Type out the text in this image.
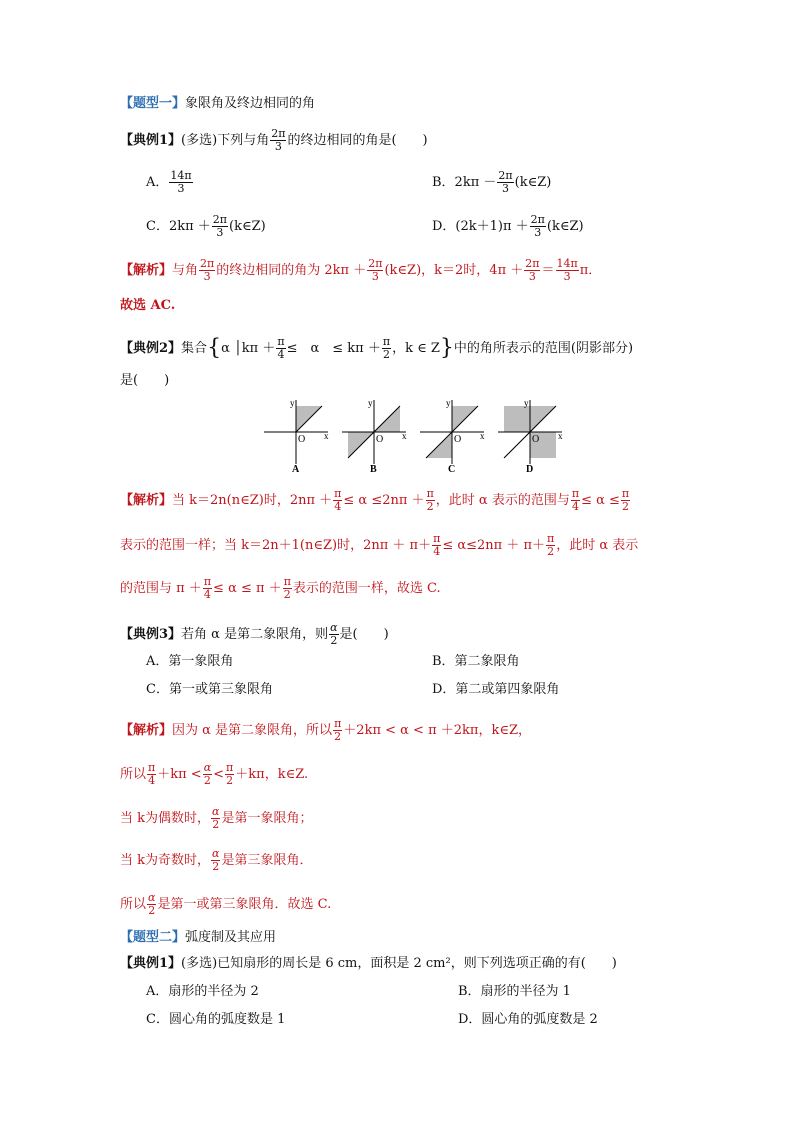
【题型一】象限角及终边相同的角
【典例1】(多选)下列与角 $\frac{2\pi}{3}$ 的终边相同的角是(　　)
A． $\frac{14\pi}{3}$	B．$2k\pi - \frac{2\pi}{3}$ (k∈Z)
C．$2k\pi + \frac{2\pi}{3}$ (k∈Z)	D．$(2k+1)\pi + \frac{2\pi}{3}$ (k∈Z)
【解析】与角 $\frac{2\pi}{3}$ 的终边相同的角为 $2k\pi + \frac{2\pi}{3}$ (k∈Z)，k＝2时，$4\pi + \frac{2\pi}{3} = \frac{14\pi}{3}$ π．
故选 AC.
【典例2】集合{α │kπ ＋ $\frac{\pi}{4}$ ≤　α　≤ $k\pi + \frac{\pi}{2}$ ，k ∈ Z}中的角所表示的范围(阴影部分)
是(　　)
y
x
O
A
y
x
O
B
y
x
O
C
y
x
O
D
【解析】当 k＝2n(n∈Z)时，$2n\pi + \frac{\pi}{4} \le \alpha \le 2n\pi + \frac{\pi}{2}$ ，此时 α 表示的范围与 $\frac{\pi}{4} \le \alpha \le \frac{\pi}{2}$
表示的范围一样；当 k＝2n＋1(n∈Z)时，$2n\pi + \pi+ \frac{\pi}{4} \le \alpha\le 2n\pi + \pi+ \frac{\pi}{2}$ ，此时 α 表示
的范围与 $\pi + \frac{\pi}{4} \le \alpha \le \pi + \frac{\pi}{2}$ 表示的范围一样，故选 C.
【典例3】若角 α 是第二象限角，则 $\frac{\alpha}{2}$ 是(　　)
A．第一象限角	B．第二象限角
C．第一或第三象限角	D．第二或第四象限角
【解析】因为 α 是第二象限角，所以 $\frac{\pi}{2} +2k\pi < \alpha < \pi +2k\pi$，k∈Z，
所以 $\frac{\pi}{4} +k\pi < \frac{\alpha}{2} < \frac{\pi}{2} +k\pi$，k∈Z.
当 k为偶数时， $\frac{\alpha}{2}$ 是第一象限角；
当 k为奇数时， $\frac{\alpha}{2}$ 是第三象限角．
所以 $\frac{\alpha}{2}$ 是第一或第三象限角．故选 C.
【题型二】弧度制及其应用
【典例1】(多选)已知扇形的周长是 6 cm，面积是 2 cm²，则下列选项正确的有(　　)
A．扇形的半径为 2	B．扇形的半径为 1
C．圆心角的弧度数是 1	D．圆心角的弧度数是 2
